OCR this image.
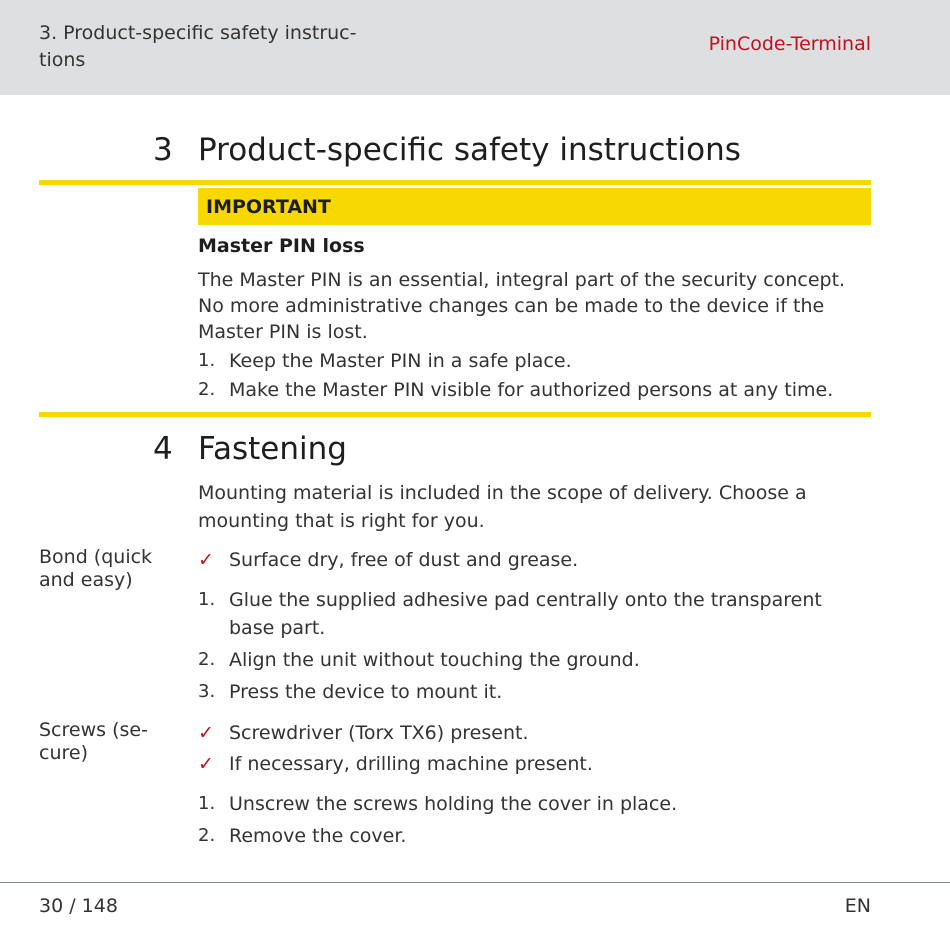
3. Product-specific safety instruc-tions
PinCode-Terminal
3 Product-specific safety instructions
IMPORTANT
Master PIN loss
The Master PIN is an essential, integral part of the security concept. No more administrative changes can be made to the device if the Master PIN is lost.
1. Keep the Master PIN in a safe place.
2. Make the Master PIN visible for authorized persons at any time.
4 Fastening
Mounting material is included in the scope of delivery. Choose a mounting that is right for you.
Bond (quick and easy)
✓ Surface dry, free of dust and grease.
1. Glue the supplied adhesive pad centrally onto the transparent base part.
2. Align the unit without touching the ground.
3. Press the device to mount it.
Screws (se-cure)
✓ Screwdriver (Torx TX6) present.
✓ If necessary, drilling machine present.
1. Unscrew the screws holding the cover in place.
2. Remove the cover.
30 / 148	EN
